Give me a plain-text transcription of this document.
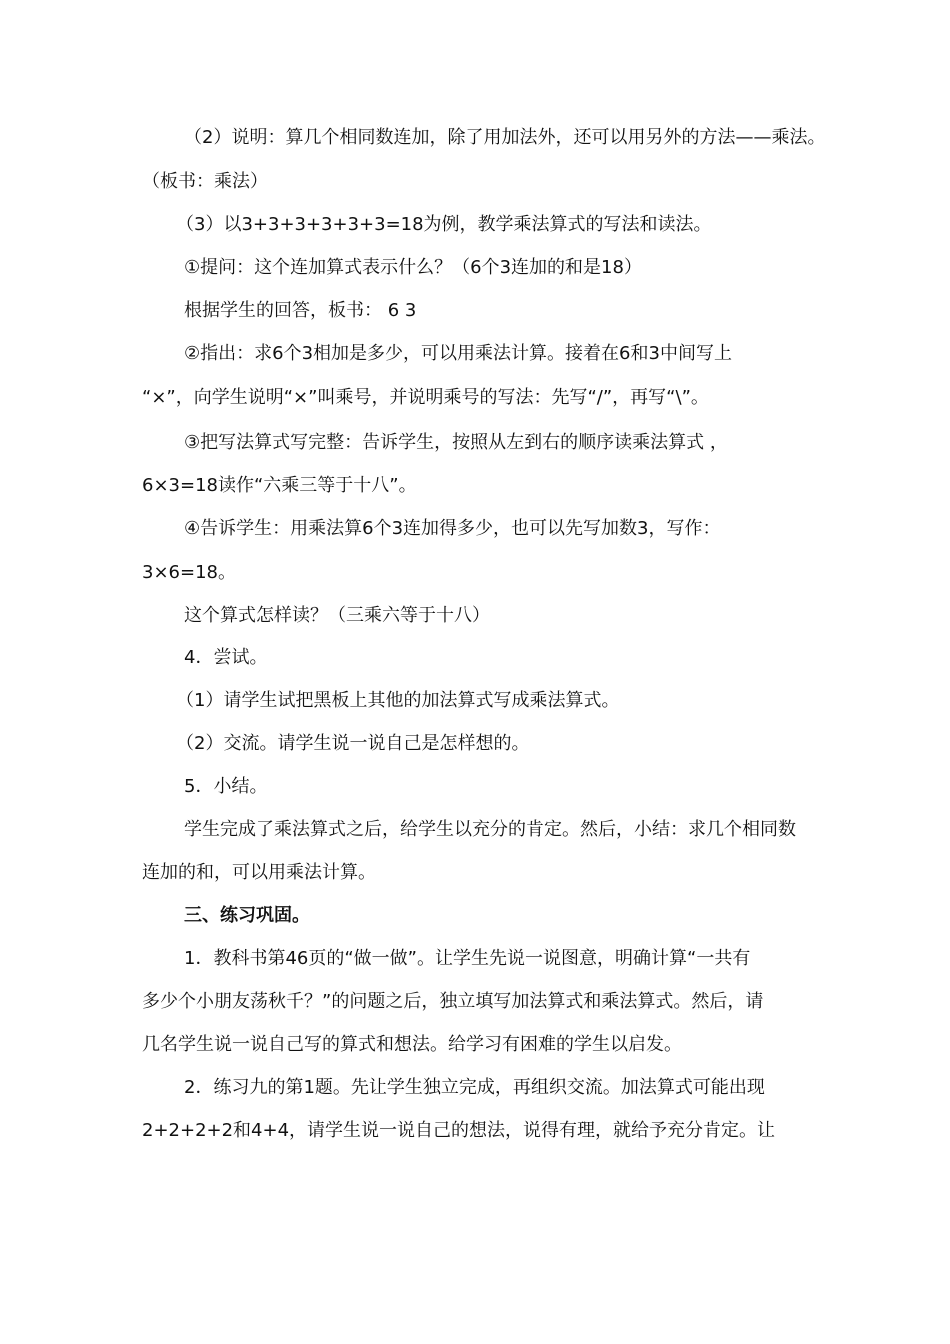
（2）说明：算几个相同数连加，除了用加法外，还可以用另外的方法——乘法。
（板书：乘法）
（3）以3+3+3+3+3+3=18为例，教学乘法算式的写法和读法。
①提问：这个连加算式表示什么？（6个3连加的和是18）
根据学生的回答，板书： 6 3
②指出：求6个3相加是多少，可以用乘法计算。接着在6和3中间写上
“×”，向学生说明“×”叫乘号，并说明乘号的写法：先写“/”，再写“\”。
③把写法算式写完整：告诉学生，按照从左到右的顺序读乘法算式 ，
6×3=18读作“六乘三等于十八”。
④告诉学生：用乘法算6个3连加得多少，也可以先写加数3，写作：
3×6=18。
这个算式怎样读？（三乘六等于十八）
4．尝试。
（1）请学生试把黑板上其他的加法算式写成乘法算式。
（2）交流。请学生说一说自己是怎样想的。
5．小结。
学生完成了乘法算式之后，给学生以充分的肯定。然后，小结：求几个相同数
连加的和，可以用乘法计算。
三、练习巩固。
1．教科书第46页的“做一做”。让学生先说一说图意，明确计算“一共有
多少个小朋友荡秋千？”的问题之后，独立填写加法算式和乘法算式。然后，请
几名学生说一说自己写的算式和想法。给学习有困难的学生以启发。
2．练习九的第1题。先让学生独立完成，再组织交流。加法算式可能出现
2+2+2+2和4+4，请学生说一说自己的想法，说得有理，就给予充分肯定。让
